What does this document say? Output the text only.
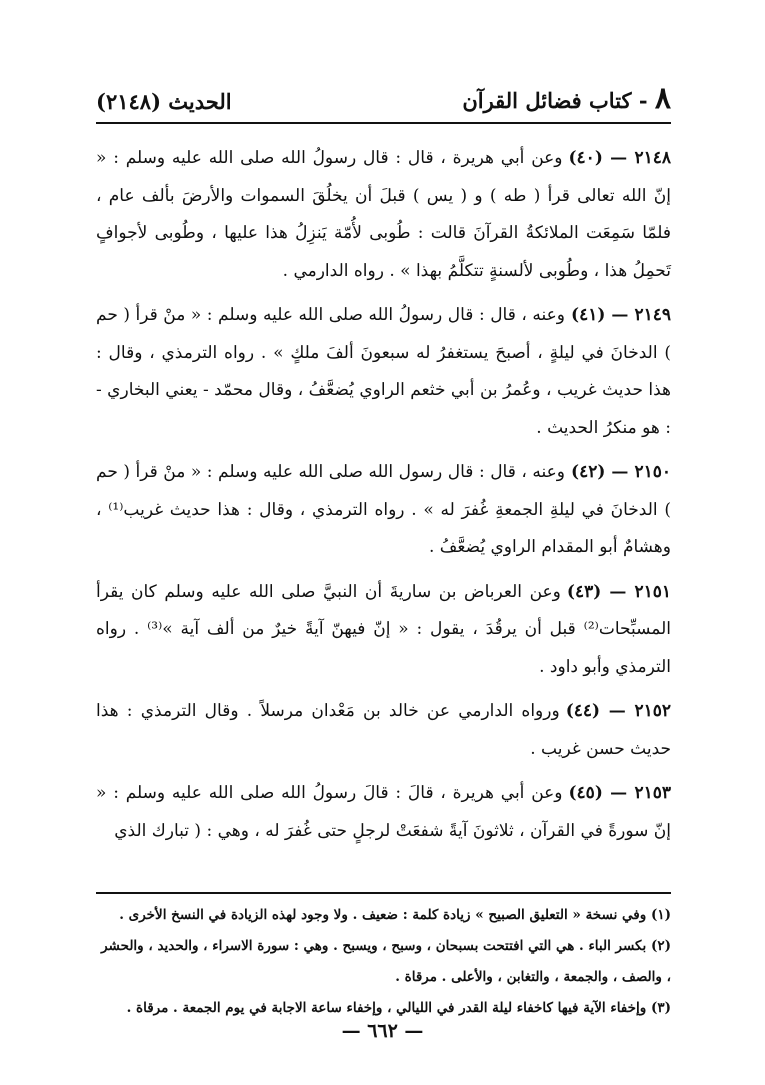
٨ - كتاب فضائل القرآن
الحديث (٢١٤٨)

٢١٤٨ — (٤٠)وعن أبي هريرة ، قال : قال رسولُ الله صلى الله عليه وسلم : « إنّ الله تعالى قرأ ( طه ) و ( يس ) قبلَ أن يخلُقَ السموات والأرضَ بألف عام ، فلمّا سَمِعَت الملائكةُ القرآنَ قالت : طُوبى لأُمّة يَنزِلُ هذا عليها ، وطُوبى لأجوافٍ تَحمِلُ هذا ، وطُوبى لألسنةٍ تتكلَّمُ بهذا » . رواه الدارمي .

٢١٤٩ — (٤١)وعنه ، قال : قال رسولُ الله صلى الله عليه وسلم : « منْ قرأ ( حم ) الدخانَ في ليلةٍ ، أصبحَ يستغفرُ له سبعونَ ألفَ ملكٍ » . رواه الترمذي ، وقال : هذا حديث غريب ، وعُمرُ بن أبي خثعم الراوي يُضعَّفُ ، وقال محمّد - يعني البخاري - : هو منكرُ الحديث .

٢١٥٠ — (٤٢)وعنه ، قال : قال رسول الله صلى الله عليه وسلم : « منْ قرأ ( حم ) الدخانَ في ليلةِ الجمعةِ غُفرَ له » . رواه الترمذي ، وقال : هذا حديث غريب⁽¹⁾ ، وهشامٌ أبو المقدام الراوي يُضعَّفُ .

٢١٥١ — (٤٣)وعن العرباض بن ساريةَ أن النبيَّ صلى الله عليه وسلم كان يقرأ المسبِّحات⁽²⁾ قبل أن يرقُدَ ، يقول : « إنّ فيهنّ آيةً خيرٌ من ألف آية »⁽³⁾ . رواه الترمذي وأبو داود .

٢١٥٢ — (٤٤)ورواه الدارمي عن خالد بن مَعْدان مرسلاً . وقال الترمذي : هذا حديث حسن غريب .

٢١٥٣ — (٤٥)وعن أبي هريرة ، قالَ : قالَ رسولُ الله صلى الله عليه وسلم : « إنّ سورةً في القرآن ، ثلاثونَ آيةً شفعَتْ لرجلٍ حتى غُفرَ له ، وهي : ( تبارك الذي

(١) وفي نسخة « التعليق الصبيح » زيادة كلمة : ضعيف . ولا وجود لهذه الزيادة في النسخ الأخرى .

(٢) بكسر الباء . هي التي افتتحت بسبحان ، وسبح ، ويسبح . وهي : سورة الاسراء ، والحديد ، والحشر ، والصف ، والجمعة ، والتغابن ، والأعلى . مرقاة .

(٣) وإخفاء الآية فيها كاخفاء ليلة القدر في الليالي ، وإخفاء ساعة الاجابة في يوم الجمعة . مرقاة .

— ٦٦٢ —
